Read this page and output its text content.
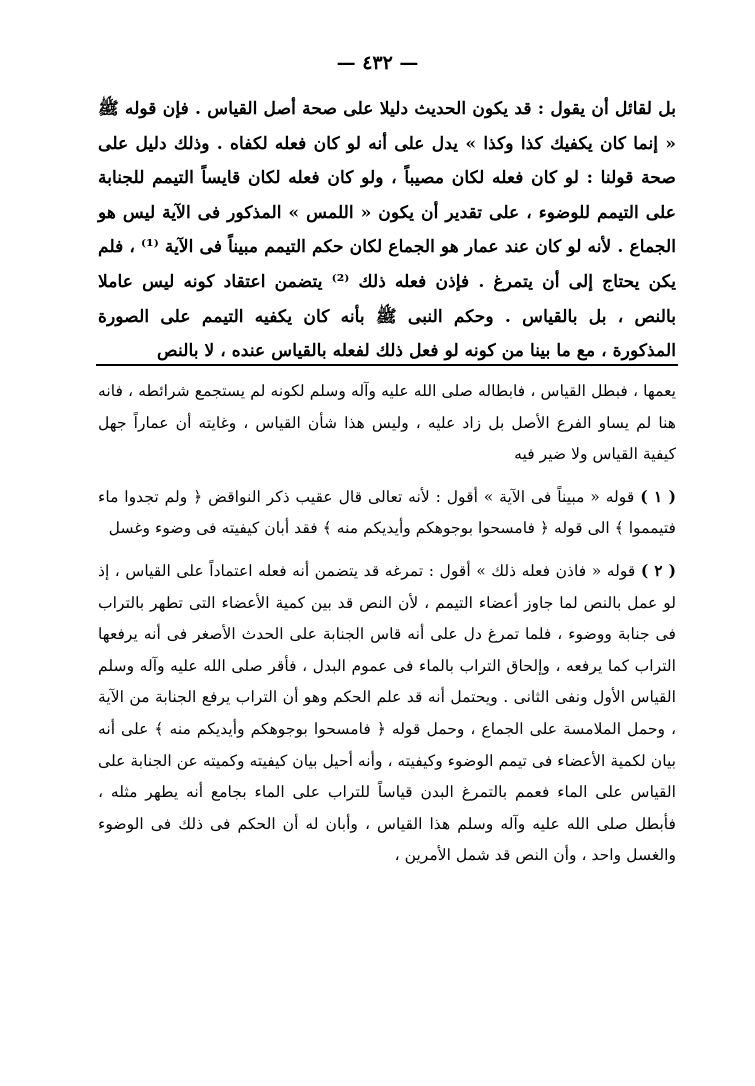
— ٤٣٢ —

بل لقائل أن يقول : قد يكون الحديث دليلا على صحة أصل القياس . فإن قوله ﷺ « إنما كان يكفيك كذا وكذا » يدل على أنه لو كان فعله لكفاه . وذلك دليل على صحة قولنا : لو كان فعله لكان مصيباً ، ولو كان فعله لكان قايساً التيمم للجنابة على التيمم للوضوء ، على تقدير أن يكون « اللمس » المذكور فى الآية ليس هو الجماع . لأنه لو كان عند عمار هو الجماع لكان حكم التيمم مبيناً فى الآية ⁽¹⁾ ، فلم يكن يحتاج إلى أن يتمرغ . فإذن فعله ذلك ⁽²⁾ يتضمن اعتقاد كونه ليس عاملا بالنص ، بل بالقياس . وحكم النبى ﷺ بأنه كان يكفيه التيمم على الصورة المذكورة ، مع ما بينا من كونه لو فعل ذلك لفعله بالقياس عنده ، لا بالنص

يعمها ، فبطل القياس ، فابطاله صلى الله عليه وآله وسلم لكونه لم يستجمع شرائطه ، فانه هنا لم يساو الفرع الأصل بل زاد عليه ، وليس هذا شأن القياس ، وغايته أن عماراً جهل كيفية القياس ولا ضير فيه

( ١ ) قوله « مبيناً فى الآية » أقول : لأنه تعالى قال عقيب ذكر النواقض ﴿ ولم تجدوا ماء فتيمموا ﴾ الى قوله ﴿ فامسحوا بوجوهكم وأيديكم منه ﴾ فقد أبان كيفيته فى وضوء وغسل

( ٢ ) قوله « فاذن فعله ذلك » أقول : تمرغه قد يتضمن أنه فعله اعتماداً على القياس ، إذ لو عمل بالنص لما جاوز أعضاء التيمم ، لأن النص قد بين كمية الأعضاء التى تطهر بالتراب فى جنابة ووضوء ، فلما تمرغ دل على أنه قاس الجنابة على الحدث الأصغر فى أنه يرفعها التراب كما يرفعه ، وإلحاق التراب بالماء فى عموم البدل ، فأقر صلى الله عليه وآله وسلم القياس الأول ونفى الثانى . ويحتمل أنه قد علم الحكم وهو أن التراب يرفع الجنابة من الآية ، وحمل الملامسة على الجماع ، وحمل قوله ﴿ فامسحوا بوجوهكم وأيديكم منه ﴾ على أنه بيان لكمية الأعضاء فى تيمم الوضوء وكيفيته ، وأنه أحيل بيان كيفيته وكميته عن الجنابة على القياس على الماء فعمم بالتمرغ البدن قياساً للتراب على الماء بجامع أنه يطهر مثله ، فأبطل صلى الله عليه وآله وسلم هذا القياس ، وأبان له أن الحكم فى ذلك فى الوضوء والغسل واحد ، وأن النص قد شمل الأمرين ،
